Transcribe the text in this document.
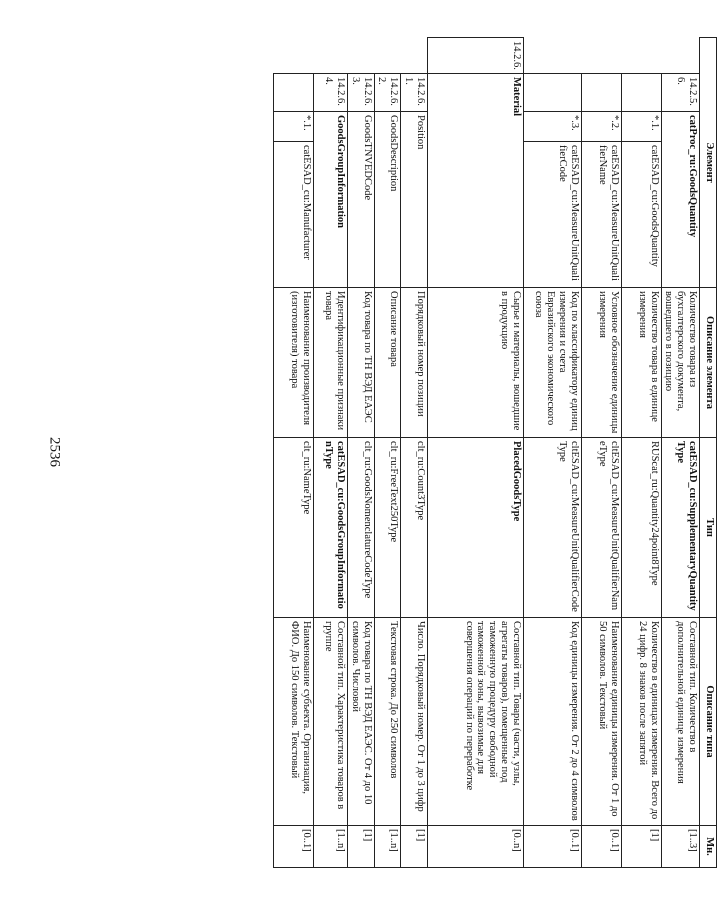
2536
Элемент				Описание элемента	Тип	Описание типа	Мн.
	14.2.5.6.	catProc_ru:GoodsQuantity		Количество товара из бухгалтерского документа, вошедшего в позицию	catESAD_cu:SupplementaryQuantityType	Составной тип. Количество в дополнительной единице измерения	[1..3]
		*.1.	catESAD_cu:GoodsQuantity	Количество товара в единице измерения	RUScat_ru:Quantity24point8Type	Количество в единицах измерения. Всего до 24 цифр. 8 знаков после запятой	[1]
		*.2.	catESAD_cu:MeasureUnitQualifierName	Условное обозначение единицы измерения	cltESAD_cu:MeasureUnitQualifierNameType	Наименование единицы измерения. От 1 до 50 символов. Текстовый	[0..1]
		*.3.	catESAD_cu:MeasureUnitQualifierCode	Код по классификатору единиц измерения и счета Евразийского экономического союза	cltESAD_cu:MeasureUnitQualifierCodeType	Код единицы измерения. От 2 до 4 символов	[0..1]
14.2.6.	Material			Сырье и материалы, вошедшие в продукцию	PlacedGoodsType	Составной тип. Товары (части, узлы, агрегаты товаров), помещенные под таможенную процедуру свободной таможенной зоны, вывозимые для совершения операций по переработке	[0..n]
	14.2.6.1.	Position		Порядковый номер позиции	clt_ru:Count3Type	Число. Порядковый номер. От 1 до 3 цифр	[1]
	14.2.6.2.	GoodsDescription		Описание товара	clt_ru:FreeText250Type	Текстовая строка. До 250 символов	[1..n]
	14.2.6.3.	GoodsTNVEDCode		Код товара по ТН ВЭД ЕАЭС	clt_ru:GoodsNomenclatureCodeType	Код товара по ТН ВЭД ЕАЭС. От 4 до 10 символов. Числовой	[1]
	14.2.6.4.	GoodsGroupInformation		Идентификационные признаки товара	catESAD_cu:GoodsGroupInformationType	Составной тип. Характеристика товаров в группе	[1..n]
		*.1.	catESAD_cu:Manufacturer	Наименование производителя (изготовителя) товара	clt_ru:NameType	Наименование субъекта. Организация, ФИО. До 150 символов. Текстовый	[0..1]
